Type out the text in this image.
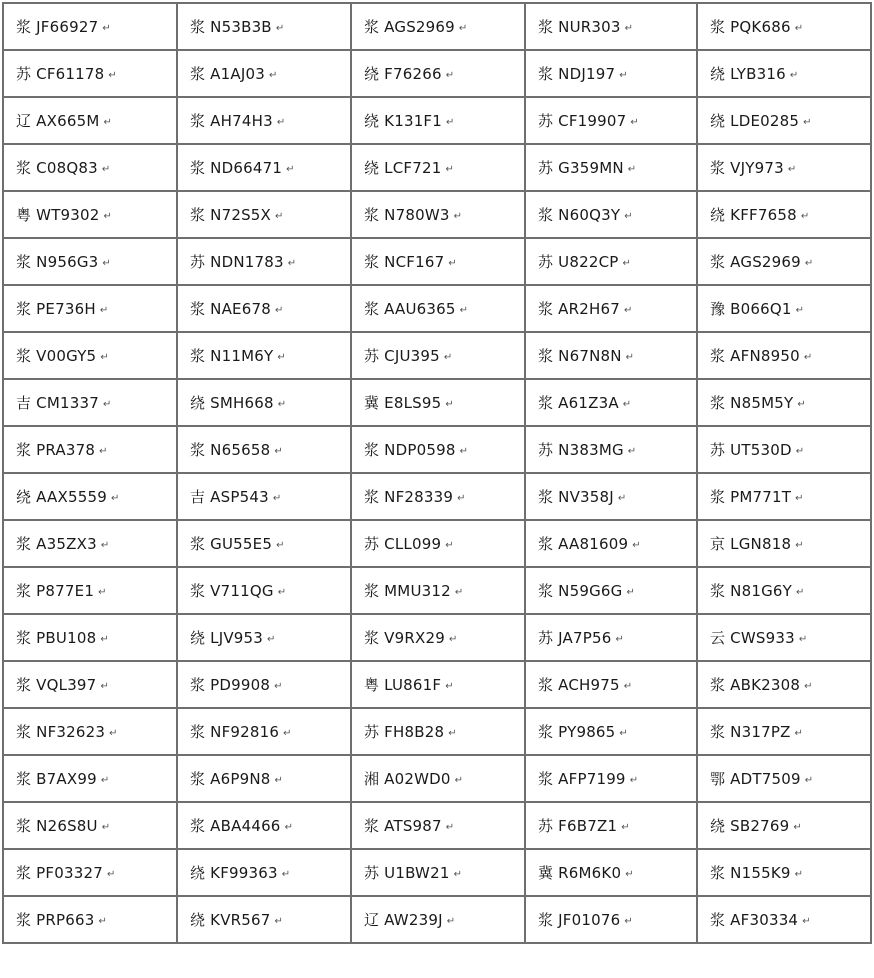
浆 JF66927 ↵	浆 N53B3B ↵	浆 AGS2969 ↵	浆 NUR303 ↵	浆 PQK686 ↵
苏 CF61178 ↵	浆 A1AJ03 ↵	绕 F76266 ↵	浆 NDJ197 ↵	绕 LYB316 ↵
辽 AX665M ↵	浆 AH74H3 ↵	绕 K131F1 ↵	苏 CF19907 ↵	绕 LDE0285 ↵
浆 C08Q83 ↵	浆 ND66471 ↵	绕 LCF721 ↵	苏 G359MN ↵	浆 VJY973 ↵
粤 WT9302 ↵	浆 N72S5X ↵	浆 N780W3 ↵	浆 N60Q3Y ↵	绕 KFF7658 ↵
浆 N956G3 ↵	苏 NDN1783 ↵	浆 NCF167 ↵	苏 U822CP ↵	浆 AGS2969 ↵
浆 PE736H ↵	浆 NAE678 ↵	浆 AAU6365 ↵	浆 AR2H67 ↵	豫 B066Q1 ↵
浆 V00GY5 ↵	浆 N11M6Y ↵	苏 CJU395 ↵	浆 N67N8N ↵	浆 AFN8950 ↵
吉 CM1337 ↵	绕 SMH668 ↵	冀 E8LS95 ↵	浆 A61Z3A ↵	浆 N85M5Y ↵
浆 PRA378 ↵	浆 N65658 ↵	浆 NDP0598 ↵	苏 N383MG ↵	苏 UT530D ↵
绕 AAX5559 ↵	吉 ASP543 ↵	浆 NF28339 ↵	浆 NV358J ↵	浆 PM771T ↵
浆 A35ZX3 ↵	浆 GU55E5 ↵	苏 CLL099 ↵	浆 AA81609 ↵	京 LGN818 ↵
浆 P877E1 ↵	浆 V711QG ↵	浆 MMU312 ↵	浆 N59G6G ↵	浆 N81G6Y ↵
浆 PBU108 ↵	绕 LJV953 ↵	浆 V9RX29 ↵	苏 JA7P56 ↵	云 CWS933 ↵
浆 VQL397 ↵	浆 PD9908 ↵	粤 LU861F ↵	浆 ACH975 ↵	浆 ABK2308 ↵
浆 NF32623 ↵	浆 NF92816 ↵	苏 FH8B28 ↵	浆 PY9865 ↵	浆 N317PZ ↵
浆 B7AX99 ↵	浆 A6P9N8 ↵	湘 A02WD0 ↵	浆 AFP7199 ↵	鄂 ADT7509 ↵
浆 N26S8U ↵	浆 ABA4466 ↵	浆 ATS987 ↵	苏 F6B7Z1 ↵	绕 SB2769 ↵
浆 PF03327 ↵	绕 KF99363 ↵	苏 U1BW21 ↵	冀 R6M6K0 ↵	浆 N155K9 ↵
浆 PRP663 ↵	绕 KVR567 ↵	辽 AW239J ↵	浆 JF01076 ↵	浆 AF30334 ↵
